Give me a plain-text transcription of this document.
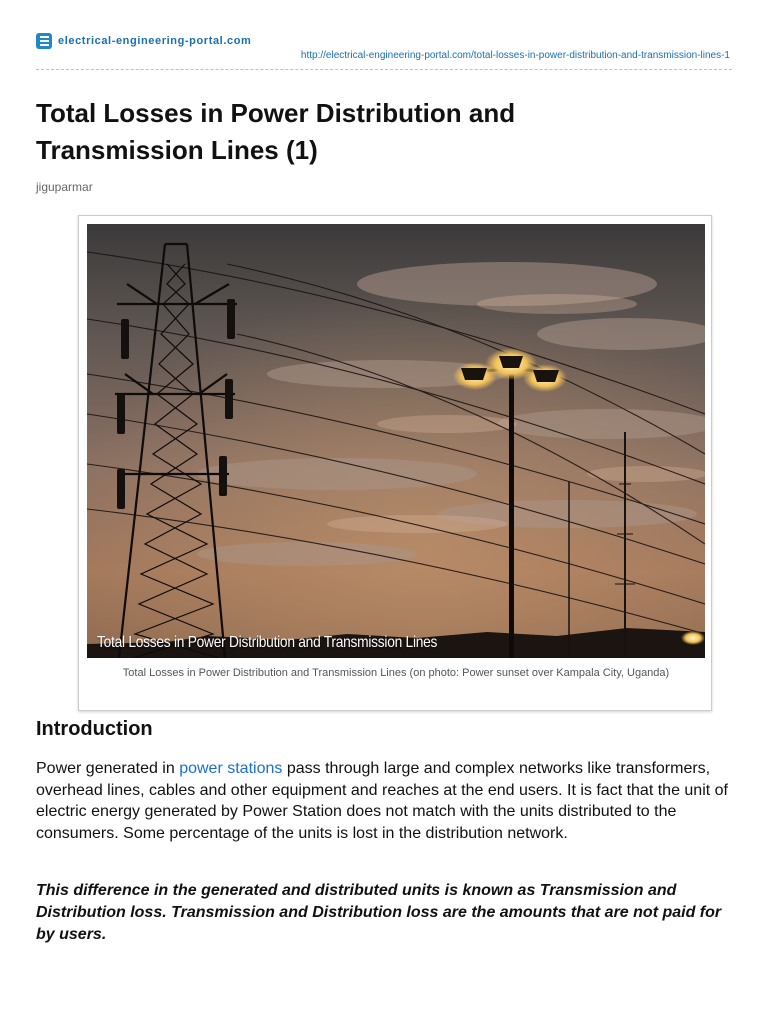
electrical-engineering-portal.com
http://electrical-engineering-portal.com/total-losses-in-power-distribution-and-transmission-lines-1
Total Losses in Power Distribution and Transmission Lines (1)
jiguparmar
Total Losses in Power Distribution and Transmission Lines
Total Losses in Power Distribution and Transmission Lines (on photo: Power sunset over Kampala City, Uganda)
Introduction

Power generated in power stations pass through large and complex networks like transformers, overhead lines, cables and other equipment and reaches at the end users. It is fact that the unit of electric energy generated by Power Station does not match with the units distributed to the consumers. Some percentage of the units is lost in the distribution network.

This difference in the generated and distributed units is known as Transmission and Distribution loss. Transmission and Distribution loss are the amounts that are not paid for by users.
